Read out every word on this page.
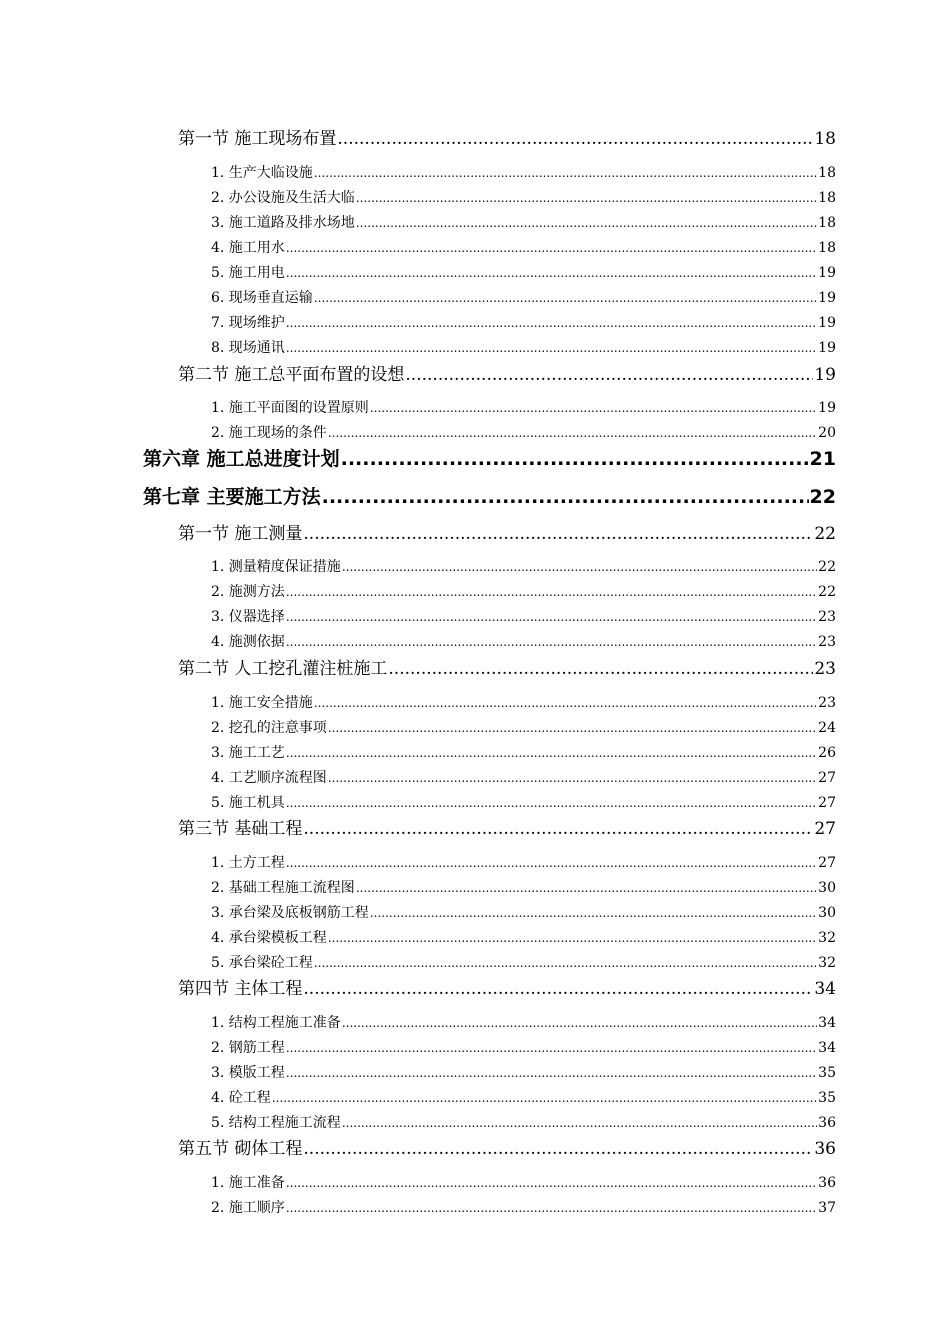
第一节 施工现场布置 .....	18
1. 生产大临设施 .....	18
2. 办公设施及生活大临 .....	18
3. 施工道路及排水场地 .....	18
4. 施工用水 .....	18
5. 施工用电 .....	19
6. 现场垂直运输 .....	19
7. 现场维护 .....	19
8. 现场通讯 .....	19
第二节 施工总平面布置的设想 .....	19
1. 施工平面图的设置原则 .....	19
2. 施工现场的条件 .....	20
第六章 施工总进度计划 .....	21
第七章 主要施工方法 .....	22
第一节 施工测量 .....	22
1. 测量精度保证措施 .....	22
2. 施测方法 .....	22
3. 仪器选择 .....	23
4. 施测依据 .....	23
第二节 人工挖孔灌注桩施工 .....	23
1. 施工安全措施 .....	23
2. 挖孔的注意事项 .....	24
3. 施工工艺 .....	26
4. 工艺顺序流程图 .....	27
5. 施工机具 .....	27
第三节 基础工程 .....	27
1. 土方工程 .....	27
2. 基础工程施工流程图 .....	30
3. 承台梁及底板钢筋工程 .....	30
4. 承台梁模板工程 .....	32
5. 承台梁砼工程 .....	32
第四节 主体工程 .....	34
1. 结构工程施工准备 .....	34
2. 钢筋工程 .....	34
3. 模版工程 .....	35
4. 砼工程 .....	35
5. 结构工程施工流程 .....	36
第五节 砌体工程 .....	36
1. 施工准备 .....	36
2. 施工顺序 .....	37
